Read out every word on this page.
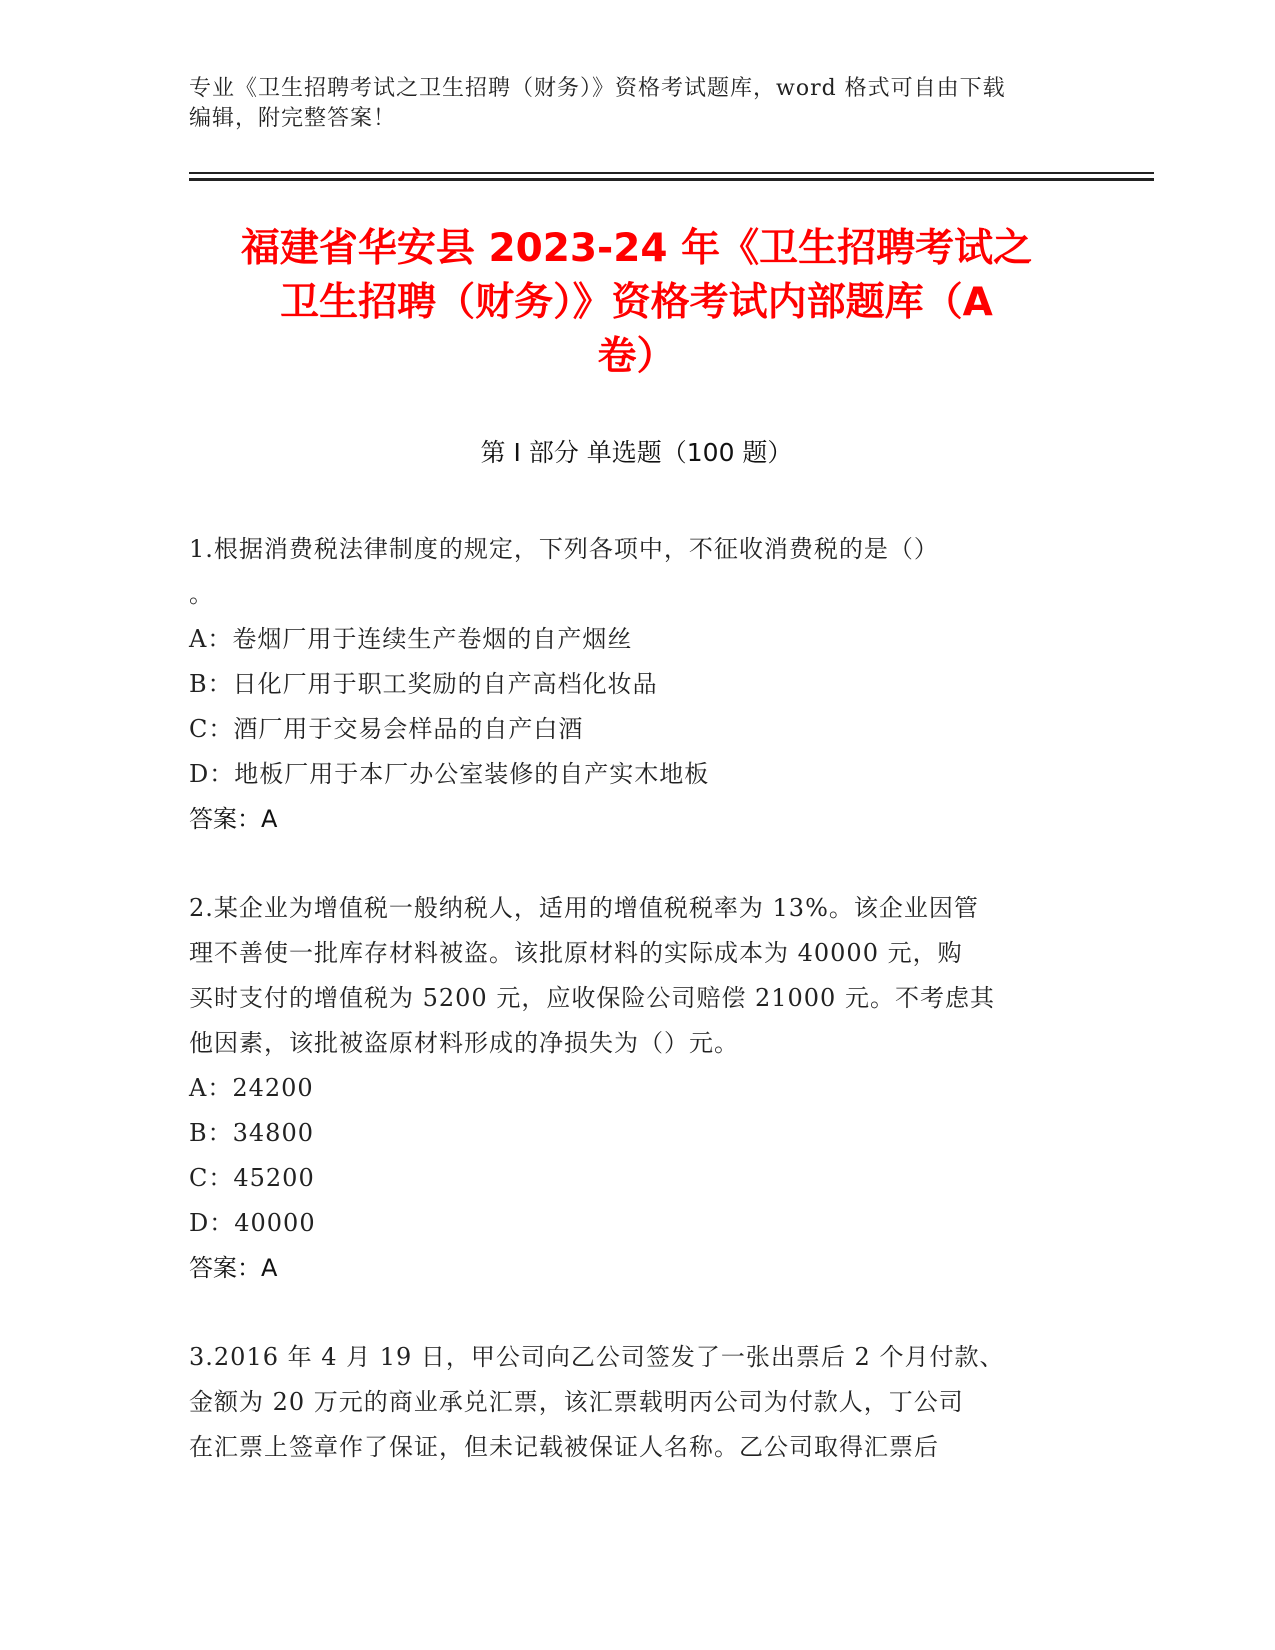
专业《卫生招聘考试之卫生招聘（财务）》资格考试题库，word 格式可自由下载
编辑，附完整答案！
福建省华安县 2023-24 年《卫生招聘考试之
卫生招聘（财务）》资格考试内部题库（A
卷）
第 I 部分 单选题（100 题）
1.根据消费税法律制度的规定，下列各项中，不征收消费税的是（）
。
A：卷烟厂用于连续生产卷烟的自产烟丝
B：日化厂用于职工奖励的自产高档化妆品
C：酒厂用于交易会样品的自产白酒
D：地板厂用于本厂办公室装修的自产实木地板
答案：A
2.某企业为增值税一般纳税人，适用的增值税税率为 13%。该企业因管
理不善使一批库存材料被盗。该批原材料的实际成本为 40000 元，购
买时支付的增值税为 5200 元，应收保险公司赔偿 21000 元。不考虑其
他因素，该批被盗原材料形成的净损失为（）元。
A：24200
B：34800
C：45200
D：40000
答案：A
3.2016 年 4 月 19 日，甲公司向乙公司签发了一张出票后 2 个月付款、
金额为 20 万元的商业承兑汇票，该汇票载明丙公司为付款人，丁公司
在汇票上签章作了保证，但未记载被保证人名称。乙公司取得汇票后
